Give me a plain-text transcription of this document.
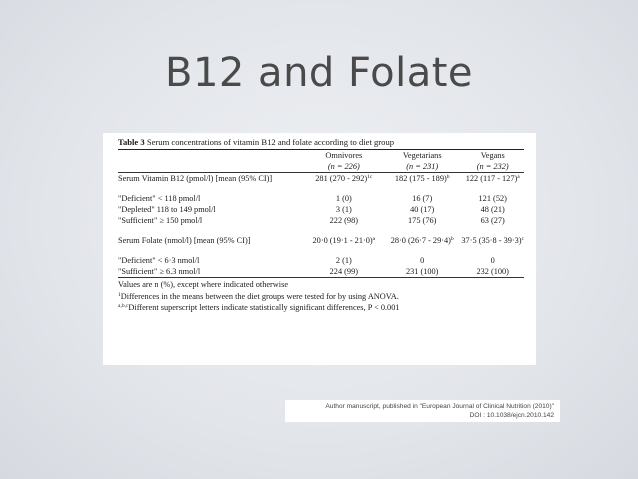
B12 and Folate
Table 3 Serum concentrations of vitamin B12 and folate according to diet group
	Omnivores	Vegetarians	Vegans
	(n = 226)	(n = 231)	(n = 232)

Serum Vitamin B12 (pmol/l) [mean (95% CI)]	281 (270 - 292)$^{1c}$	182 (175 - 189)$^b$	122 (117 - 127)$^a$

"Deficient" < 118 pmol/l	1 (0)	16 (7)	121 (52)
"Depleted" 118 to 149 pmol/l	3 (1)	40 (17)	48 (21)
"Sufficient" ≥ 150 pmol/l	222 (98)	175 (76)	63 (27)

Serum Folate (nmol/l) [mean (95% CI)]	20·0 $(19\cdot 1 - 21\cdot 0)^a$	28·0 $(26\cdot 7 - 29\cdot 4)^b$	37·5 $(35\cdot 8 - 39\cdot 3)^c$

"Deficient" < 6·3 nmol/l	2 (1)	0	0
"Sufficient" ≥ 6.3 nmol/l	224 (99)	231 (100)	232 (100)
Values are n (%), except where indicated otherwise
$^1$Differences in the means between the diet groups were tested for by using ANOVA.
$^{a,b,c}$Different superscript letters indicate statistically significant differences, P < 0.001
Author manuscript, published in "European Journal of Clinical Nutrition (2010)"
DOI : 10.1038/ejcn.2010.142
